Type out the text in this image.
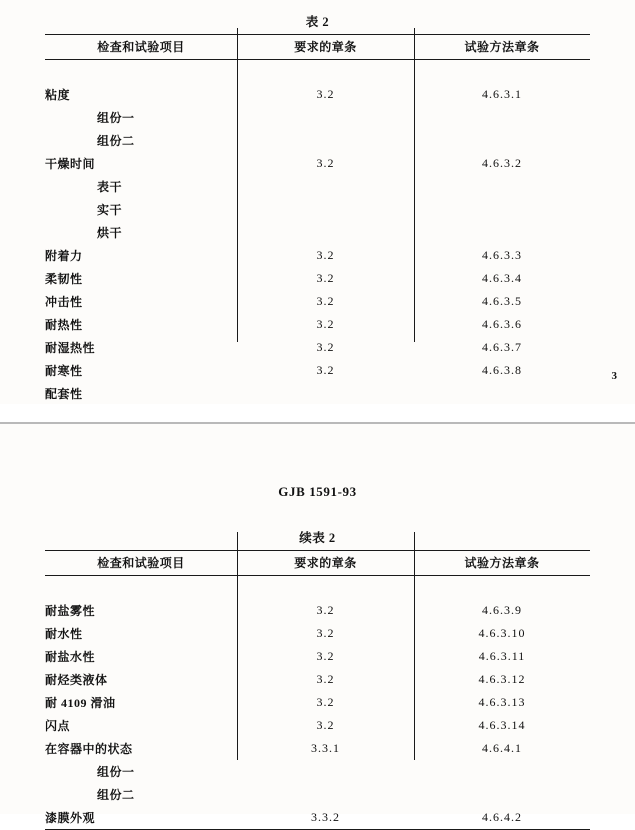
表 2
检查和试验项目	要求的章条	试验方法章条

粘度	3.2	4.6.3.1
组份一		
组份二		
干燥时间	3.2	4.6.3.2
表干		
实干		
烘干		
附着力	3.2	4.6.3.3
柔韧性	3.2	4.6.3.4
冲击性	3.2	4.6.3.5
耐热性	3.2	4.6.3.6
耐湿热性	3.2	4.6.3.7
耐寒性	3.2	4.6.3.8
配套性		
3
GJB 1591-93
续表 2
检查和试验项目	要求的章条	试验方法章条

耐盐雾性	3.2	4.6.3.9
耐水性	3.2	4.6.3.10
耐盐水性	3.2	4.6.3.11
耐烃类液体	3.2	4.6.3.12
耐 4109 滑油	3.2	4.6.3.13
闪点	3.2	4.6.3.14
在容器中的状态	3.3.1	4.6.4.1
组份一		
组份二		
漆膜外观	3.3.2	4.6.4.2
